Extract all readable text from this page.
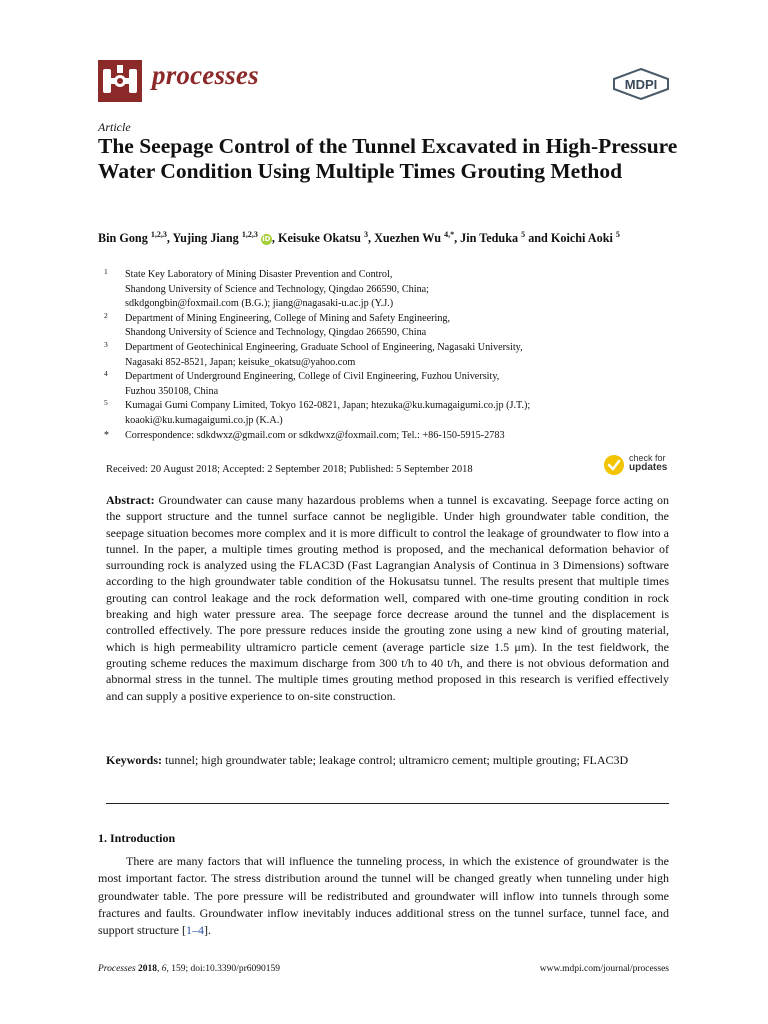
processes	MDPI
Article
The Seepage Control of the Tunnel Excavated in High-Pressure Water Condition Using Multiple Times Grouting Method
Bin Gong $^{1,2,3}$, Yujing Jiang $^{1,2,3}$ iD, Keisuke Okatsu $^3$, Xuezhen Wu $^{4,*}$, Jin Teduka $^5$ and Koichi Aoki $^5$
1 State Key Laboratory of Mining Disaster Prevention and Control,
Shandong University of Science and Technology, Qingdao 266590, China;
sdkdgongbin@foxmail.com (B.G.); jiang@nagasaki-u.ac.jp (Y.J.)
2 Department of Mining Engineering, College of Mining and Safety Engineering,
Shandong University of Science and Technology, Qingdao 266590, China
3 Department of Geotechinical Engineering, Graduate School of Engineering, Nagasaki University,
Nagasaki 852-8521, Japan; keisuke_okatsu@yahoo.com
4 Department of Underground Engineering, College of Civil Engineering, Fuzhou University,
Fuzhou 350108, China
5 Kumagai Gumi Company Limited, Tokyo 162-0821, Japan; htezuka@ku.kumagaigumi.co.jp (J.T.);
koaoki@ku.kumagaigumi.co.jp (K.A.)
* Correspondence: sdkdwxz@gmail.com or sdkdwxz@foxmail.com; Tel.: +86-150-5915-2783
Received: 20 August 2018; Accepted: 2 September 2018; Published: 5 September 2018
check for
updates

Abstract: Groundwater can cause many hazardous problems when a tunnel is excavating. Seepage force acting on the support structure and the tunnel surface cannot be negligible. Under high groundwater table condition, the seepage situation becomes more complex and it is more difficult to control the leakage of groundwater to flow into a tunnel. In the paper, a multiple times grouting method is proposed, and the mechanical deformation behavior of surrounding rock is analyzed using the FLAC3D (Fast Lagrangian Analysis of Continua in 3 Dimensions) software according to the high groundwater table condition of the Hokusatsu tunnel. The results present that multiple times grouting can control leakage and the rock deformation well, compared with one-time grouting condition in rock breaking and high water pressure area. The seepage force decrease around the tunnel and the displacement is controlled effectively. The pore pressure reduces inside the grouting zone using a new kind of grouting material, which is high permeability ultramicro particle cement (average particle size 1.5 μm). In the test fieldwork, the grouting scheme reduces the maximum discharge from 300 t/h to 40 t/h, and there is not obvious deformation and abnormal stress in the tunnel. The multiple times grouting method proposed in this research is verified effectively and can supply a positive experience to on-site construction.

Keywords: tunnel; high groundwater table; leakage control; ultramicro cement; multiple grouting; FLAC3D

1. Introduction

There are many factors that will influence the tunneling process, in which the existence of groundwater is the most important factor. The stress distribution around the tunnel will be changed greatly when tunneling under high groundwater table. The pore pressure will be redistributed and groundwater will inflow into tunnels through some fractures and faults. Groundwater inflow inevitably induces additional stress on the tunnel surface, tunnel face, and support structure [1–4].

Processes 2018, 6, 159; doi:10.3390/pr6090159	www.mdpi.com/journal/processes
